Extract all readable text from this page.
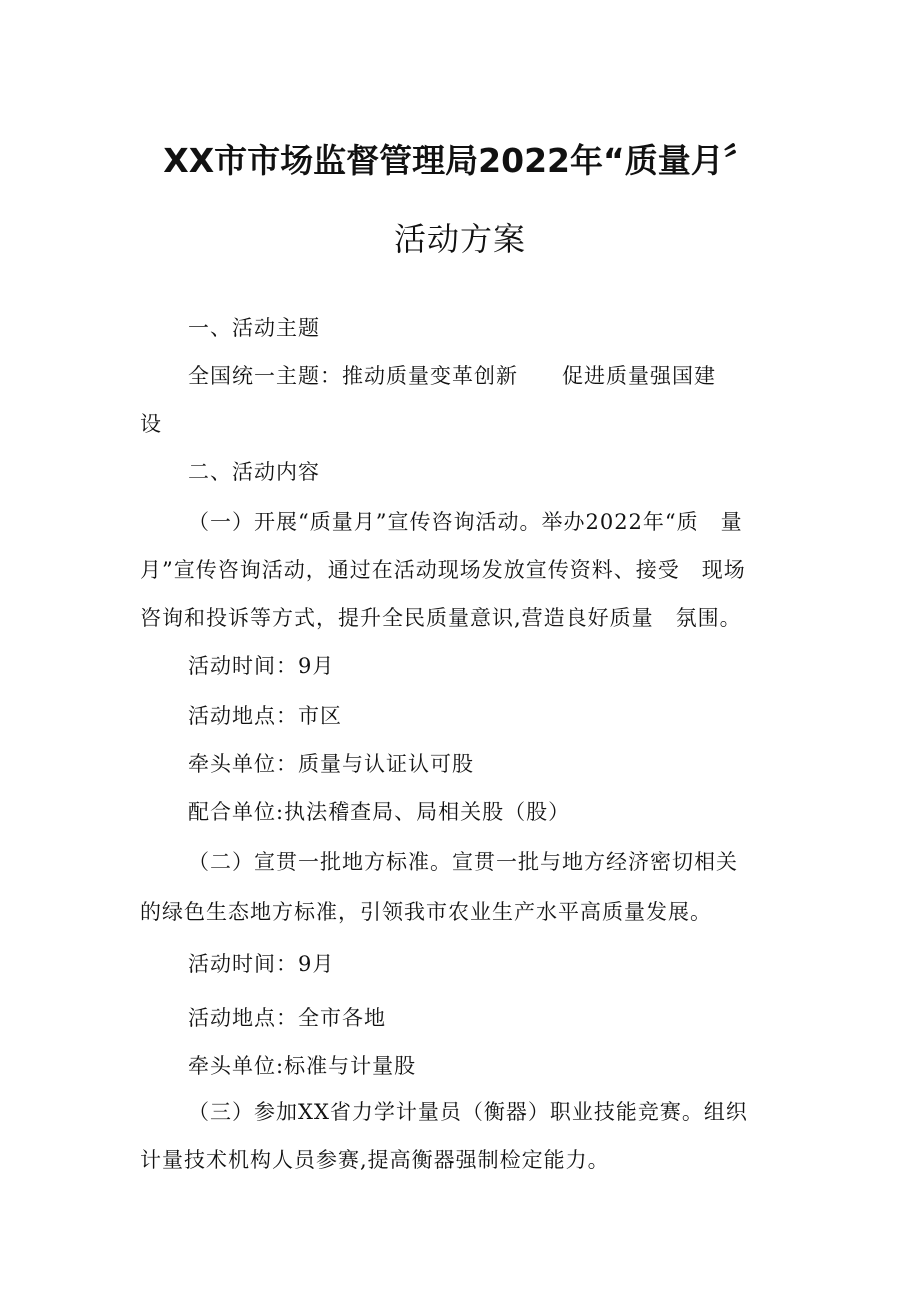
XX市市场监督管理局2022年“质量月〞
活动方案
一、活动主题
全国统一主题：推动质量变革创新　　促进质量强国建
设
二、活动内容
（一）开展“质量月”宣传咨询活动。举办2022年“质　量
月”宣传咨询活动，通过在活动现场发放宣传资料、接受　现场
咨询和投诉等方式，提升全民质量意识,营造良好质量　氛围。
活动时间：9月
活动地点：市区
牵头单位：质量与认证认可股
配合单位:执法稽查局、局相关股（股）
（二）宣贯一批地方标准。宣贯一批与地方经济密切相关
的绿色生态地方标准，引领我市农业生产水平高质量发展。
活动时间：9月
活动地点：全市各地
牵头单位:标准与计量股
（三）参加XX省力学计量员（衡器）职业技能竞赛。组织
计量技术机构人员参赛,提高衡器强制检定能力。
